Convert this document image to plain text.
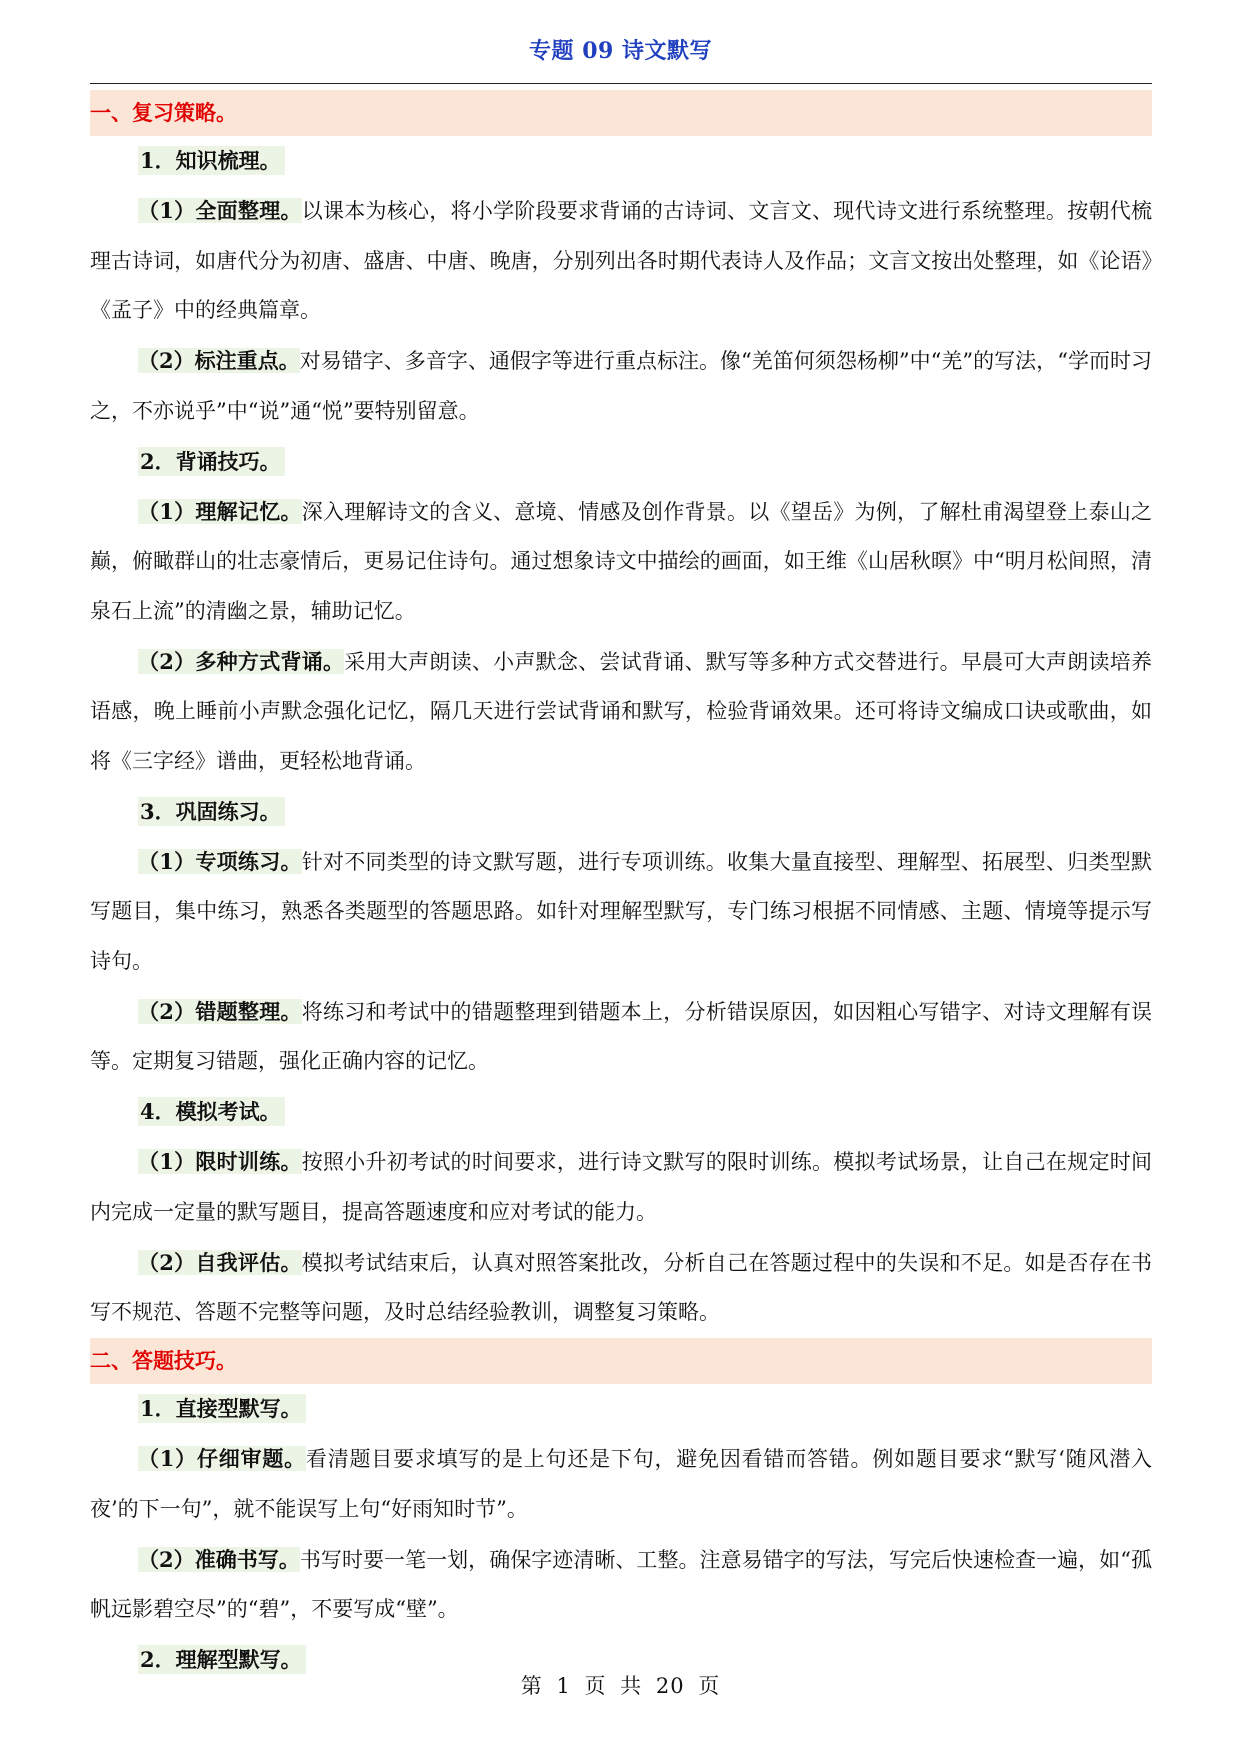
专题 09 诗文默写
一、复习策略。
1．知识梳理。

（1）全面整理。以课本为核心，将小学阶段要求背诵的古诗词、文言文、现代诗文进行系统整理。按朝代梳理古诗词，如唐代分为初唐、盛唐、中唐、晚唐，分别列出各时期代表诗人及作品；文言文按出处整理，如《论语》《孟子》中的经典篇章。

（2）标注重点。对易错字、多音字、通假字等进行重点标注。像“羌笛何须怨杨柳”中“羌”的写法，“学而时习之，不亦说乎”中“说”通“悦”要特别留意。

2．背诵技巧。

（1）理解记忆。深入理解诗文的含义、意境、情感及创作背景。以《望岳》为例，了解杜甫渴望登上泰山之巅，俯瞰群山的壮志豪情后，更易记住诗句。通过想象诗文中描绘的画面，如王维《山居秋暝》中“明月松间照，清泉石上流”的清幽之景，辅助记忆。

（2）多种方式背诵。采用大声朗读、小声默念、尝试背诵、默写等多种方式交替进行。早晨可大声朗读培养语感，晚上睡前小声默念强化记忆，隔几天进行尝试背诵和默写，检验背诵效果。还可将诗文编成口诀或歌曲，如将《三字经》谱曲，更轻松地背诵。

3．巩固练习。

（1）专项练习。针对不同类型的诗文默写题，进行专项训练。收集大量直接型、理解型、拓展型、归类型默写题目，集中练习，熟悉各类题型的答题思路。如针对理解型默写，专门练习根据不同情感、主题、情境等提示写诗句。

（2）错题整理。将练习和考试中的错题整理到错题本上，分析错误原因，如因粗心写错字、对诗文理解有误等。定期复习错题，强化正确内容的记忆。

4．模拟考试。

（1）限时训练。按照小升初考试的时间要求，进行诗文默写的限时训练。模拟考试场景，让自己在规定时间内完成一定量的默写题目，提高答题速度和应对考试的能力。

（2）自我评估。模拟考试结束后，认真对照答案批改，分析自己在答题过程中的失误和不足。如是否存在书写不规范、答题不完整等问题，及时总结经验教训，调整复习策略。

二、答题技巧。
1．直接型默写。

（1）仔细审题。看清题目要求填写的是上句还是下句，避免因看错而答错。例如题目要求“默写‘随风潜入夜’的下一句”，就不能误写上句“好雨知时节”。

（2）准确书写。书写时要一笔一划，确保字迹清晰、工整。注意易错字的写法，写完后快速检查一遍，如“孤帆远影碧空尽”的“碧”，不要写成“壁”。

2．理解型默写。
第 1 页 共 20 页
